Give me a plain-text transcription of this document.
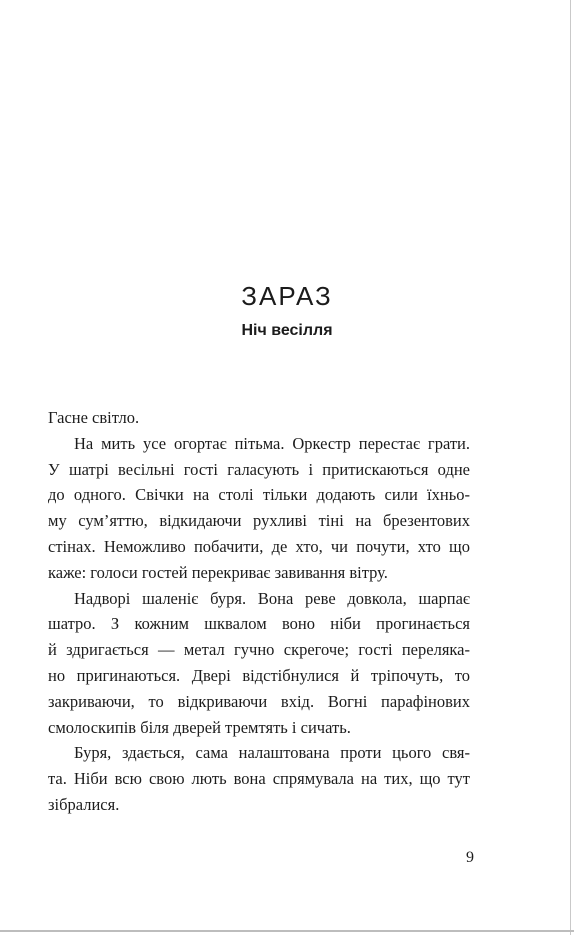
ЗАРАЗ
Ніч весілля

Гасне світло.

На мить усе огортає пітьма. Оркестр перестає грати.
У шатрі весільні гості галасують і притискаються одне
до одного. Свічки на столі тільки додають сили їхньо-
му сум’яттю, відкидаючи рухливі тіні на брезентових
стінах. Неможливо побачити, де хто, чи почути, хто що
каже: голоси гостей перекриває завивання вітру.

Надворі шаленіє буря. Вона реве довкола, шарпає
шатро. З кожним шквалом воно ніби прогинається
й здригається — метал гучно скрегоче; гості переляка-
но пригинаються. Двері відстібнулися й тріпочуть, то
закриваючи, то відкриваючи вхід. Вогні парафінових
смолоскипів біля дверей тремтять і сичать.

Буря, здається, сама налаштована проти цього свя-
та. Ніби всю свою лють вона спрямувала на тих, що тут
зібралися.

9
